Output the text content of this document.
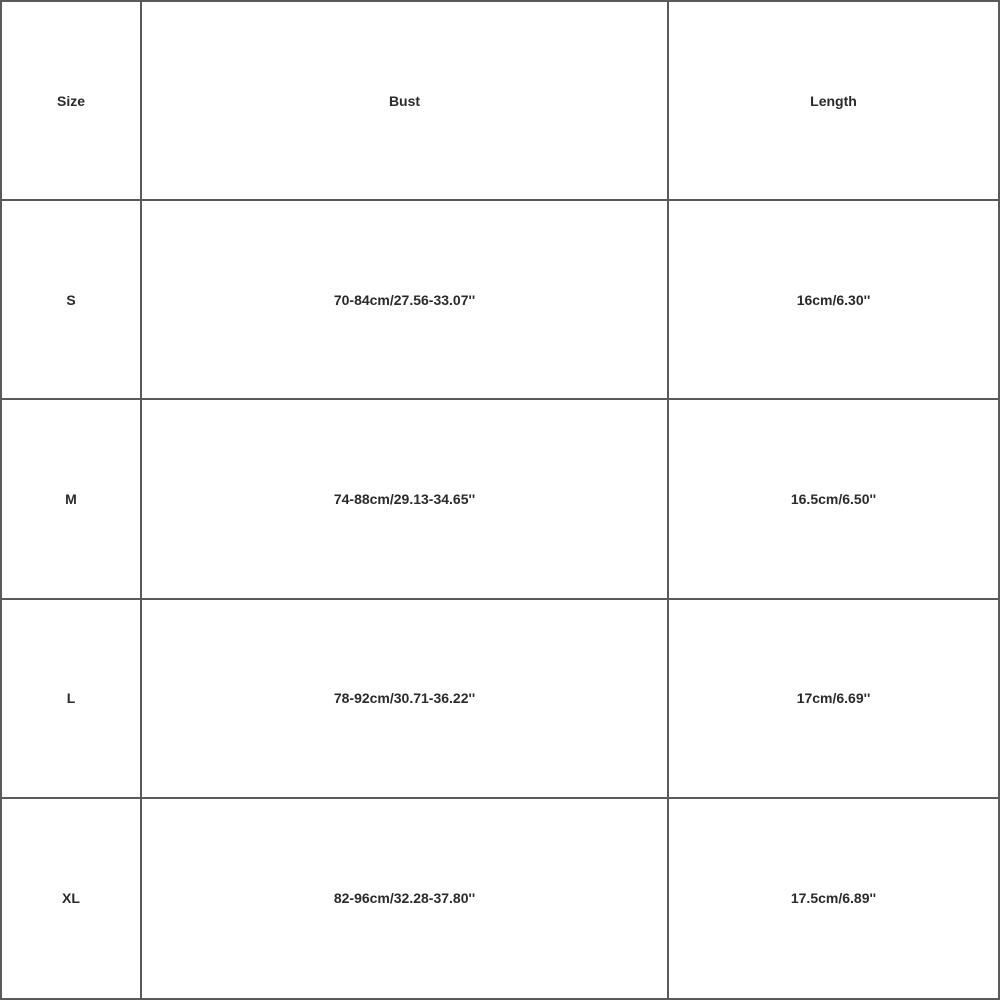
Size	Bust	Length
S	70-84cm/27.56-33.07''	16cm/6.30''
M	74-88cm/29.13-34.65''	16.5cm/6.50''
L	78-92cm/30.71-36.22''	17cm/6.69''
XL	82-96cm/32.28-37.80''	17.5cm/6.89''
